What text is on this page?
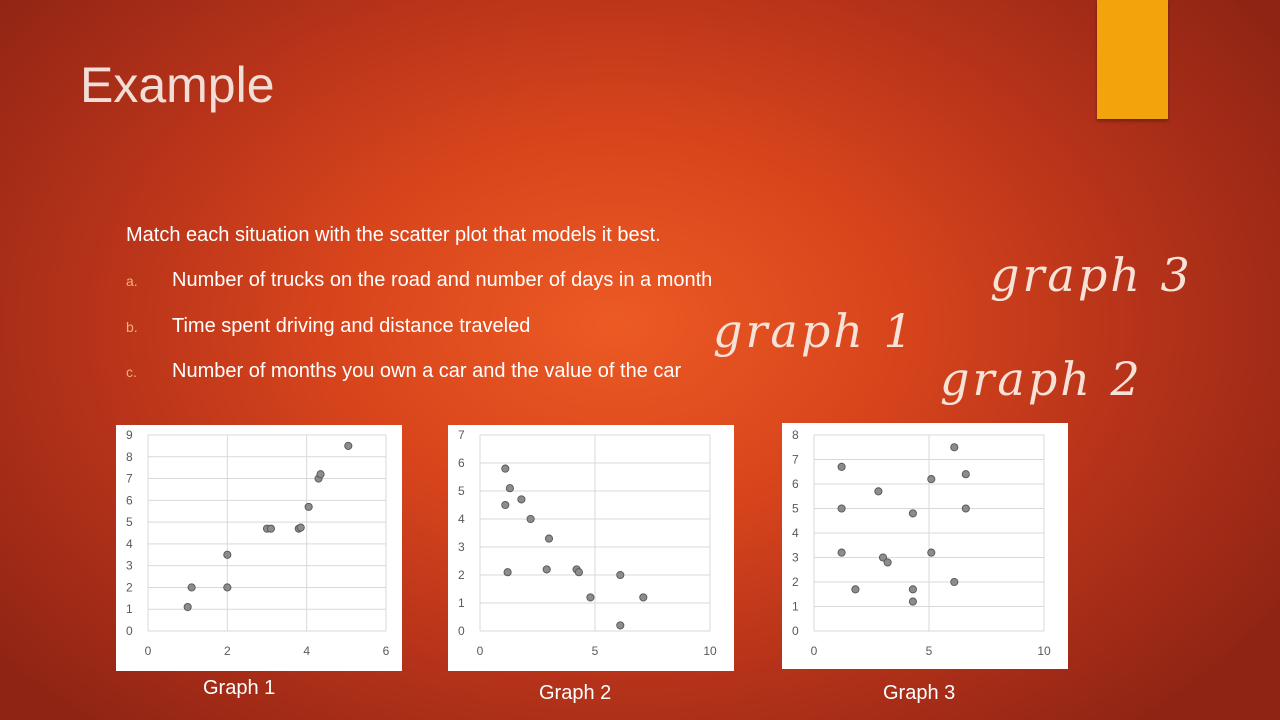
Example
Match each situation with the scatter plot that models it best.
a. Number of trucks on the road and number of days in a month
b. Time spent driving and distance traveled
c. Number of months you own a car and the value of the car
graph 3
graph 1
graph 2
0
1
2
3
4
5
6
7
8
9
0	2	4	6
0
1
2
3
4
5
6
7
0	5	10
0
1
2
3
4
5
6
7
8
0	5	10
Graph 1	Graph 2	Graph 3
